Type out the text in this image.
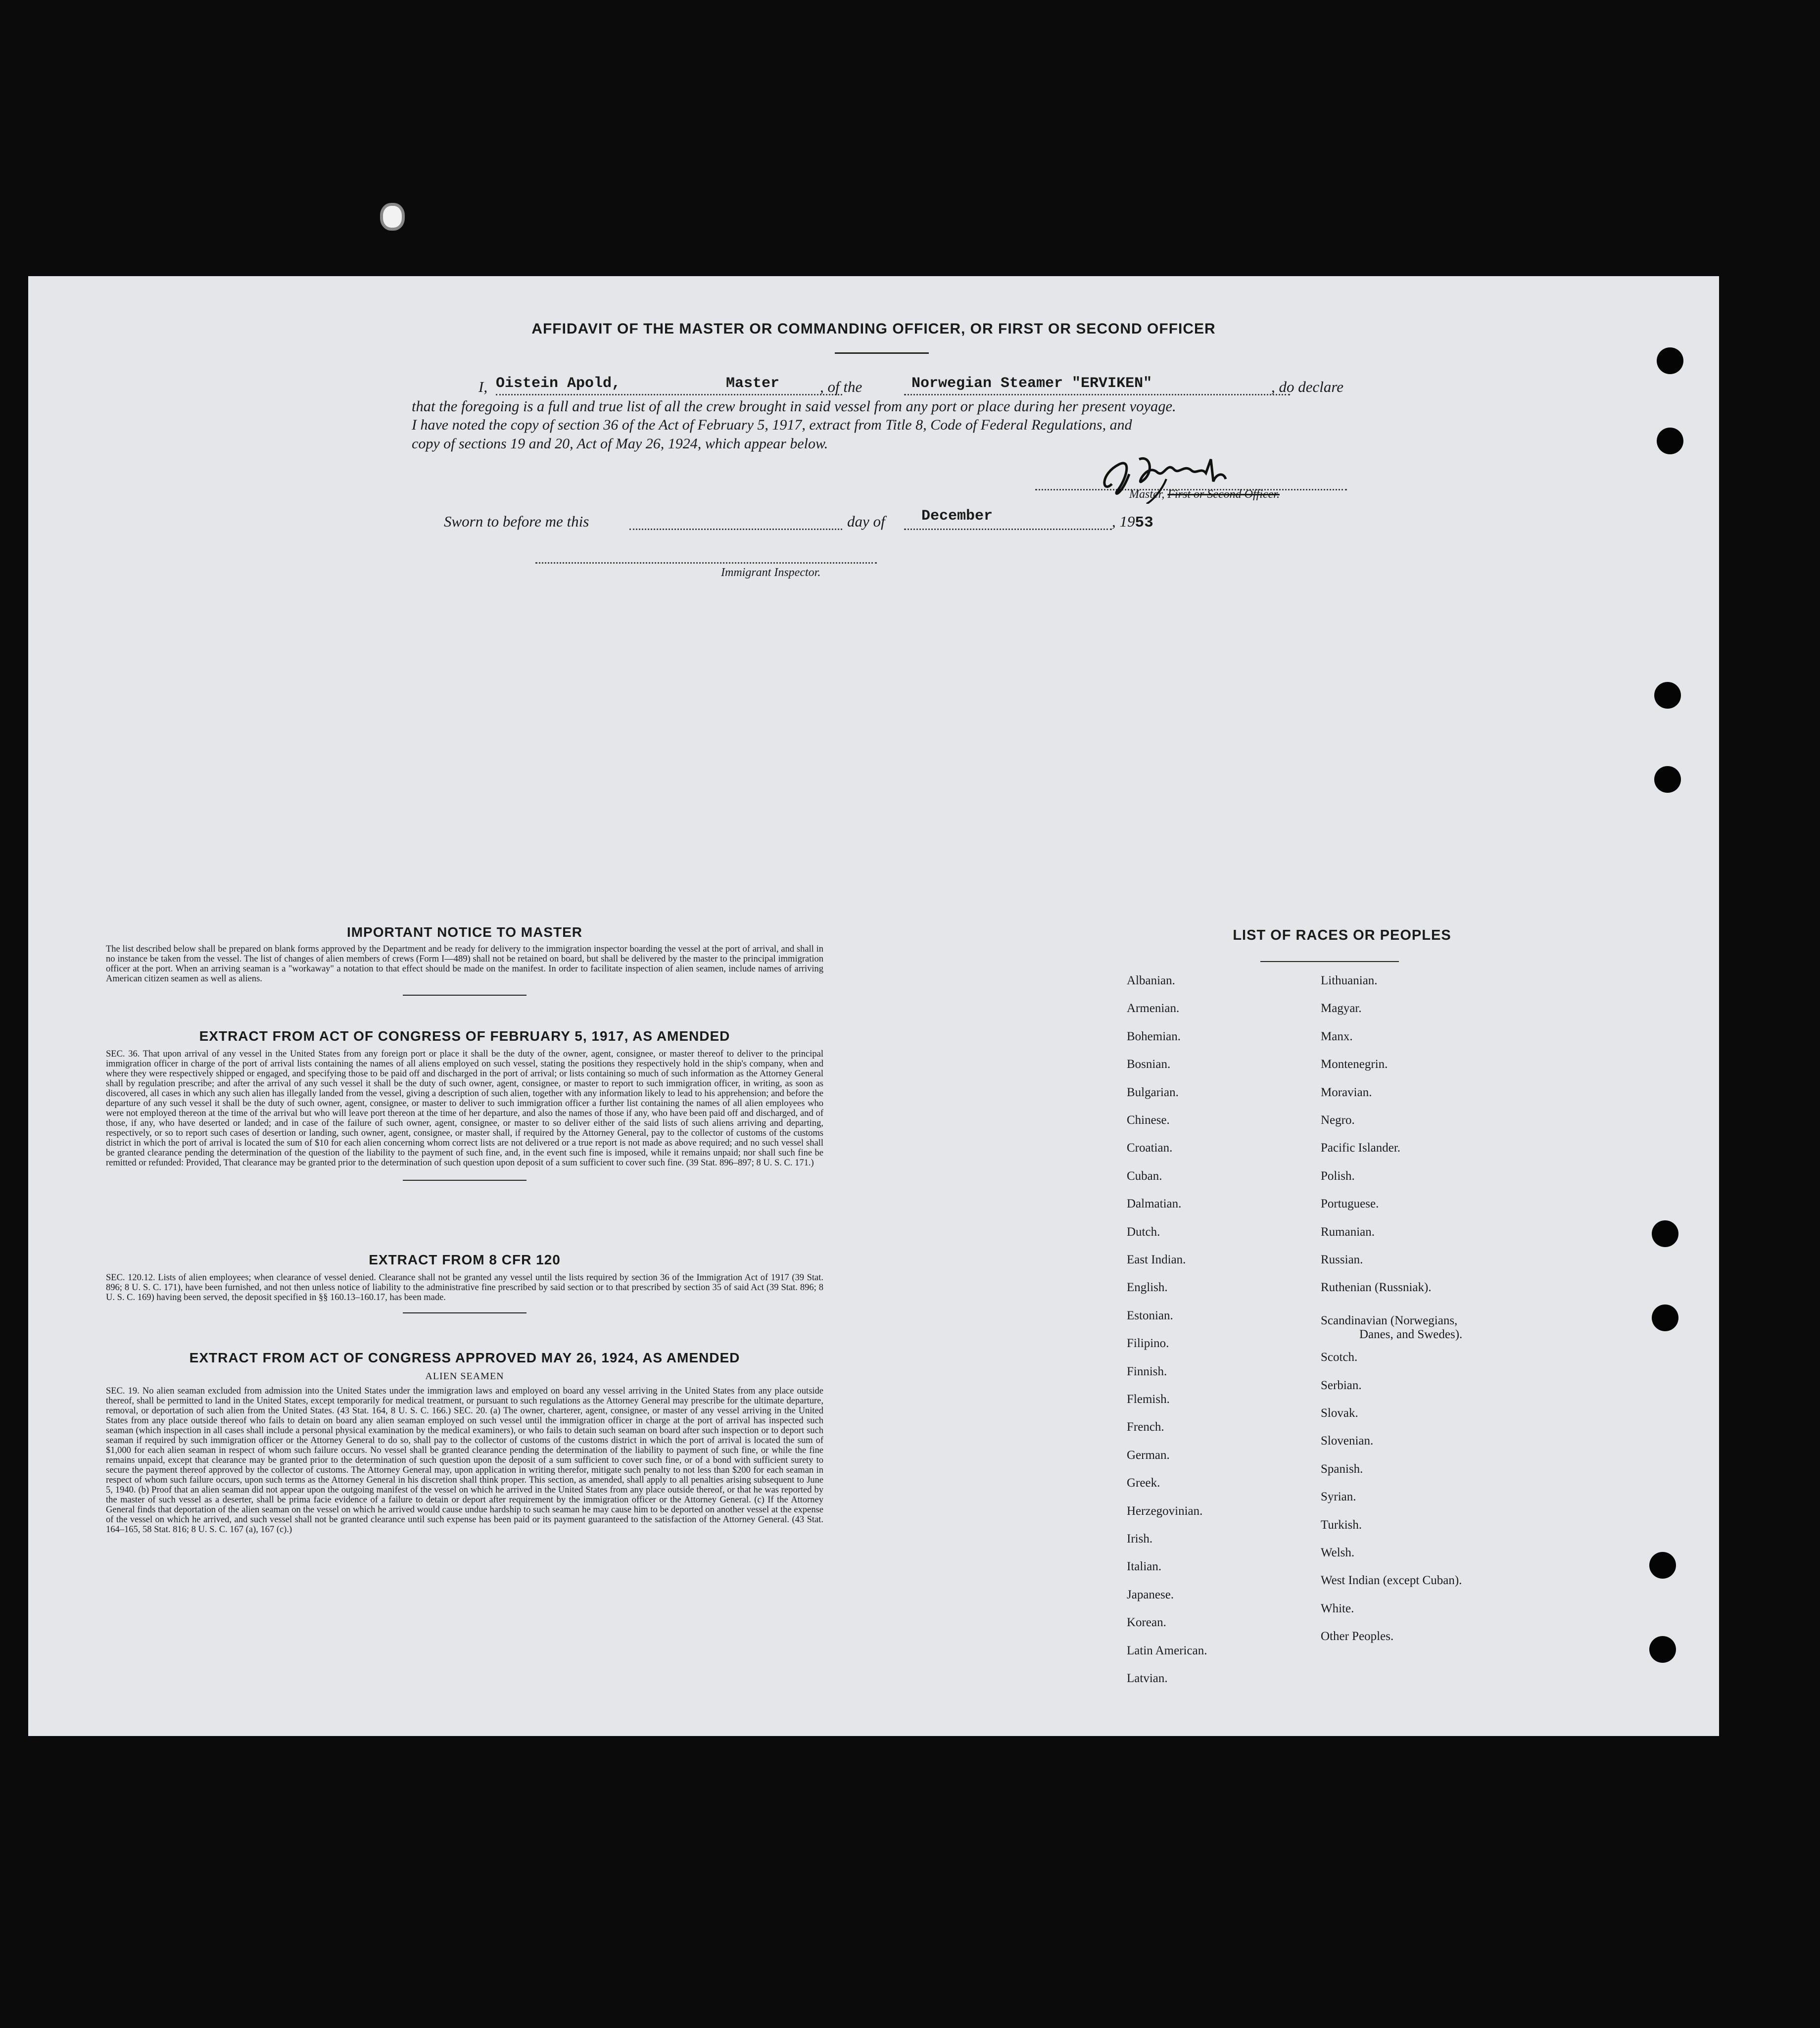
AFFIDAVIT OF THE MASTER OR COMMANDING OFFICER, OR FIRST OR SECOND OFFICER
I, Oistein Apold,	Master	, of the	Norwegian Steamer "ERVIKEN"	, do declare
that the foregoing is a full and true list of all the crew brought in said vessel from any port or place during her present voyage.
I have noted the copy of section 36 of the Act of February 5, 1917, extract from Title 8, Code of Federal Regulations, and
copy of sections 19 and 20, Act of May 26, 1924, which appear below.
Master, First or Second Officer.
Sworn to before me this	day of December	, 1953
Immigrant Inspector.
IMPORTANT NOTICE TO MASTER
The list described below shall be prepared on blank forms approved by the Department and be ready for delivery to the immigration inspector boarding the vessel at the port of arrival, and shall in no instance be taken from the vessel. The list of changes of alien members of crews (Form I—489) shall not be retained on board, but shall be delivered by the master to the principal immigration officer at the port. When an arriving seaman is a "workaway" a notation to that effect should be made on the manifest. In order to facilitate inspection of alien seamen, include names of arriving American citizen seamen as well as aliens.
EXTRACT FROM ACT OF CONGRESS OF FEBRUARY 5, 1917, AS AMENDED
SEC. 36. That upon arrival of any vessel in the United States from any foreign port or place it shall be the duty of the owner, agent, consignee, or master thereof to deliver to the principal immigration officer in charge of the port of arrival lists containing the names of all aliens employed on such vessel, stating the positions they respectively hold in the ship's company, when and where they were respectively shipped or engaged, and specifying those to be paid off and discharged in the port of arrival; or lists containing so much of such information as the Attorney General shall by regulation prescribe; and after the arrival of any such vessel it shall be the duty of such owner, agent, consignee, or master to report to such immigration officer, in writing, as soon as discovered, all cases in which any such alien has illegally landed from the vessel, giving a description of such alien, together with any information likely to lead to his apprehension; and before the departure of any such vessel it shall be the duty of such owner, agent, consignee, or master to deliver to such immigration officer a further list containing the names of all alien employees who were not employed thereon at the time of the arrival but who will leave port thereon at the time of her departure, and also the names of those if any, who have been paid off and discharged, and of those, if any, who have deserted or landed; and in case of the failure of such owner, agent, consignee, or master to so deliver either of the said lists of such aliens arriving and departing, respectively, or so to report such cases of desertion or landing, such owner, agent, consignee, or master shall, if required by the Attorney General, pay to the collector of customs of the customs district in which the port of arrival is located the sum of $10 for each alien concerning whom correct lists are not delivered or a true report is not made as above required; and no such vessel shall be granted clearance pending the determination of the question of the liability to the payment of such fine, and, in the event such fine is imposed, while it remains unpaid; nor shall such fine be remitted or refunded: Provided, That clearance may be granted prior to the determination of such question upon deposit of a sum sufficient to cover such fine. (39 Stat. 896–897; 8 U. S. C. 171.)
EXTRACT FROM 8 CFR 120
SEC. 120.12. Lists of alien employees; when clearance of vessel denied. Clearance shall not be granted any vessel until the lists required by section 36 of the Immigration Act of 1917 (39 Stat. 896; 8 U. S. C. 171), have been furnished, and not then unless notice of liability to the administrative fine prescribed by said section or to that prescribed by section 35 of said Act (39 Stat. 896; 8 U. S. C. 169) having been served, the deposit specified in §§ 160.13–160.17, has been made.
EXTRACT FROM ACT OF CONGRESS APPROVED MAY 26, 1924, AS AMENDED
ALIEN SEAMEN
SEC. 19. No alien seaman excluded from admission into the United States under the immigration laws and employed on board any vessel arriving in the United States from any place outside thereof, shall be permitted to land in the United States, except temporarily for medical treatment, or pursuant to such regulations as the Attorney General may prescribe for the ultimate departure, removal, or deportation of such alien from the United States. (43 Stat. 164, 8 U. S. C. 166.) SEC. 20. (a) The owner, charterer, agent, consignee, or master of any vessel arriving in the United States from any place outside thereof who fails to detain on board any alien seaman employed on such vessel until the immigration officer in charge at the port of arrival has inspected such seaman (which inspection in all cases shall include a personal physical examination by the medical examiners), or who fails to detain such seaman on board after such inspection or to deport such seaman if required by such immigration officer or the Attorney General to do so, shall pay to the collector of customs of the customs district in which the port of arrival is located the sum of $1,000 for each alien seaman in respect of whom such failure occurs. No vessel shall be granted clearance pending the determination of the liability to payment of such fine, or while the fine remains unpaid, except that clearance may be granted prior to the determination of such question upon the deposit of a sum sufficient to cover such fine, or of a bond with sufficient surety to secure the payment thereof approved by the collector of customs. The Attorney General may, upon application in writing therefor, mitigate such penalty to not less than $200 for each seaman in respect of whom such failure occurs, upon such terms as the Attorney General in his discretion shall think proper. This section, as amended, shall apply to all penalties arising subsequent to June 5, 1940. (b) Proof that an alien seaman did not appear upon the outgoing manifest of the vessel on which he arrived in the United States from any place outside thereof, or that he was reported by the master of such vessel as a deserter, shall be prima facie evidence of a failure to detain or deport after requirement by the immigration officer or the Attorney General. (c) If the Attorney General finds that deportation of the alien seaman on the vessel on which he arrived would cause undue hardship to such seaman he may cause him to be deported on another vessel at the expense of the vessel on which he arrived, and such vessel shall not be granted clearance until such expense has been paid or its payment guaranteed to the satisfaction of the Attorney General. (43 Stat. 164–165, 58 Stat. 816; 8 U. S. C. 167 (a), 167 (c).)
LIST OF RACES OR PEOPLES
Albanian.
Armenian.
Bohemian.
Bosnian.
Bulgarian.
Chinese.
Croatian.
Cuban.
Dalmatian.
Dutch.
East Indian.
English.
Estonian.
Filipino.
Finnish.
Flemish.
French.
German.
Greek.
Herzegovinian.
Irish.
Italian.
Japanese.
Korean.
Latin American.
Latvian.
Lithuanian.
Magyar.
Manx.
Montenegrin.
Moravian.
Negro.
Pacific Islander.
Polish.
Portuguese.
Rumanian.
Russian.
Ruthenian (Russniak).
Scandinavian (Norwegians,
Danes, and Swedes).
Scotch.
Serbian.
Slovak.
Slovenian.
Spanish.
Syrian.
Turkish.
Welsh.
West Indian (except Cuban).
White.
Other Peoples.
